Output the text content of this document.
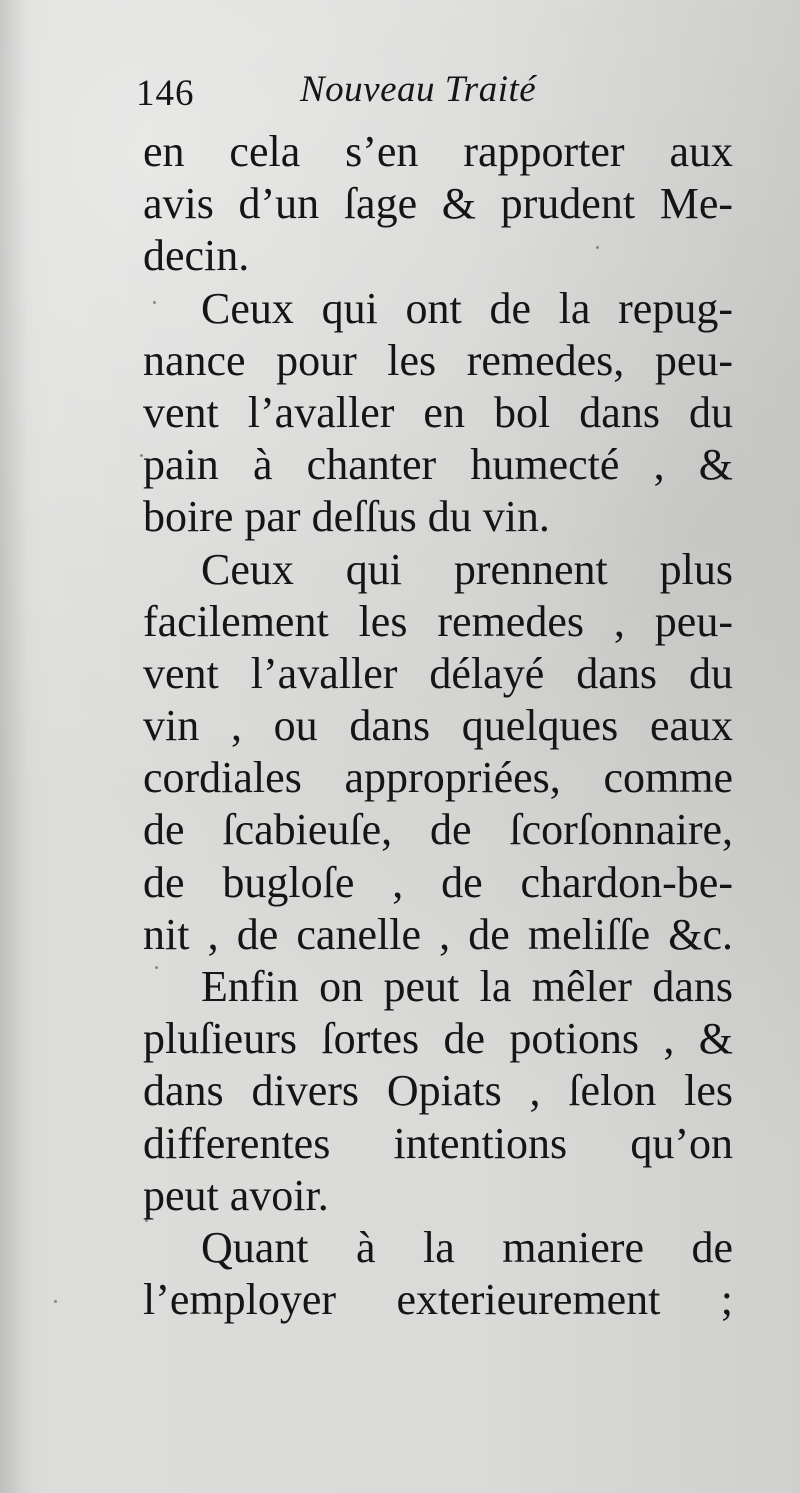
146	Nouveau Traité
en cela s’en rapporter aux
avis d’un ſage & prudent Me-
decin.
Ceux qui ont de la repug-
nance pour les remedes, peu-
vent l’avaller en bol dans du
pain à chanter humecté , &
boire par deſſus du vin.
Ceux qui prennent plus
facilement les remedes , peu-
vent l’avaller délayé dans du
vin , ou dans quelques eaux
cordiales appropriées, comme
de ſcabieuſe, de ſcorſonnaire,
de bugloſe , de chardon-be-
nit , de canelle , de meliſſe &c.
Enfin on peut la mêler dans
pluſieurs ſortes de potions , &
dans divers Opiats , ſelon les
differentes intentions qu’on
peut avoir.
Quant à la maniere de
l’employer exterieurement ;
